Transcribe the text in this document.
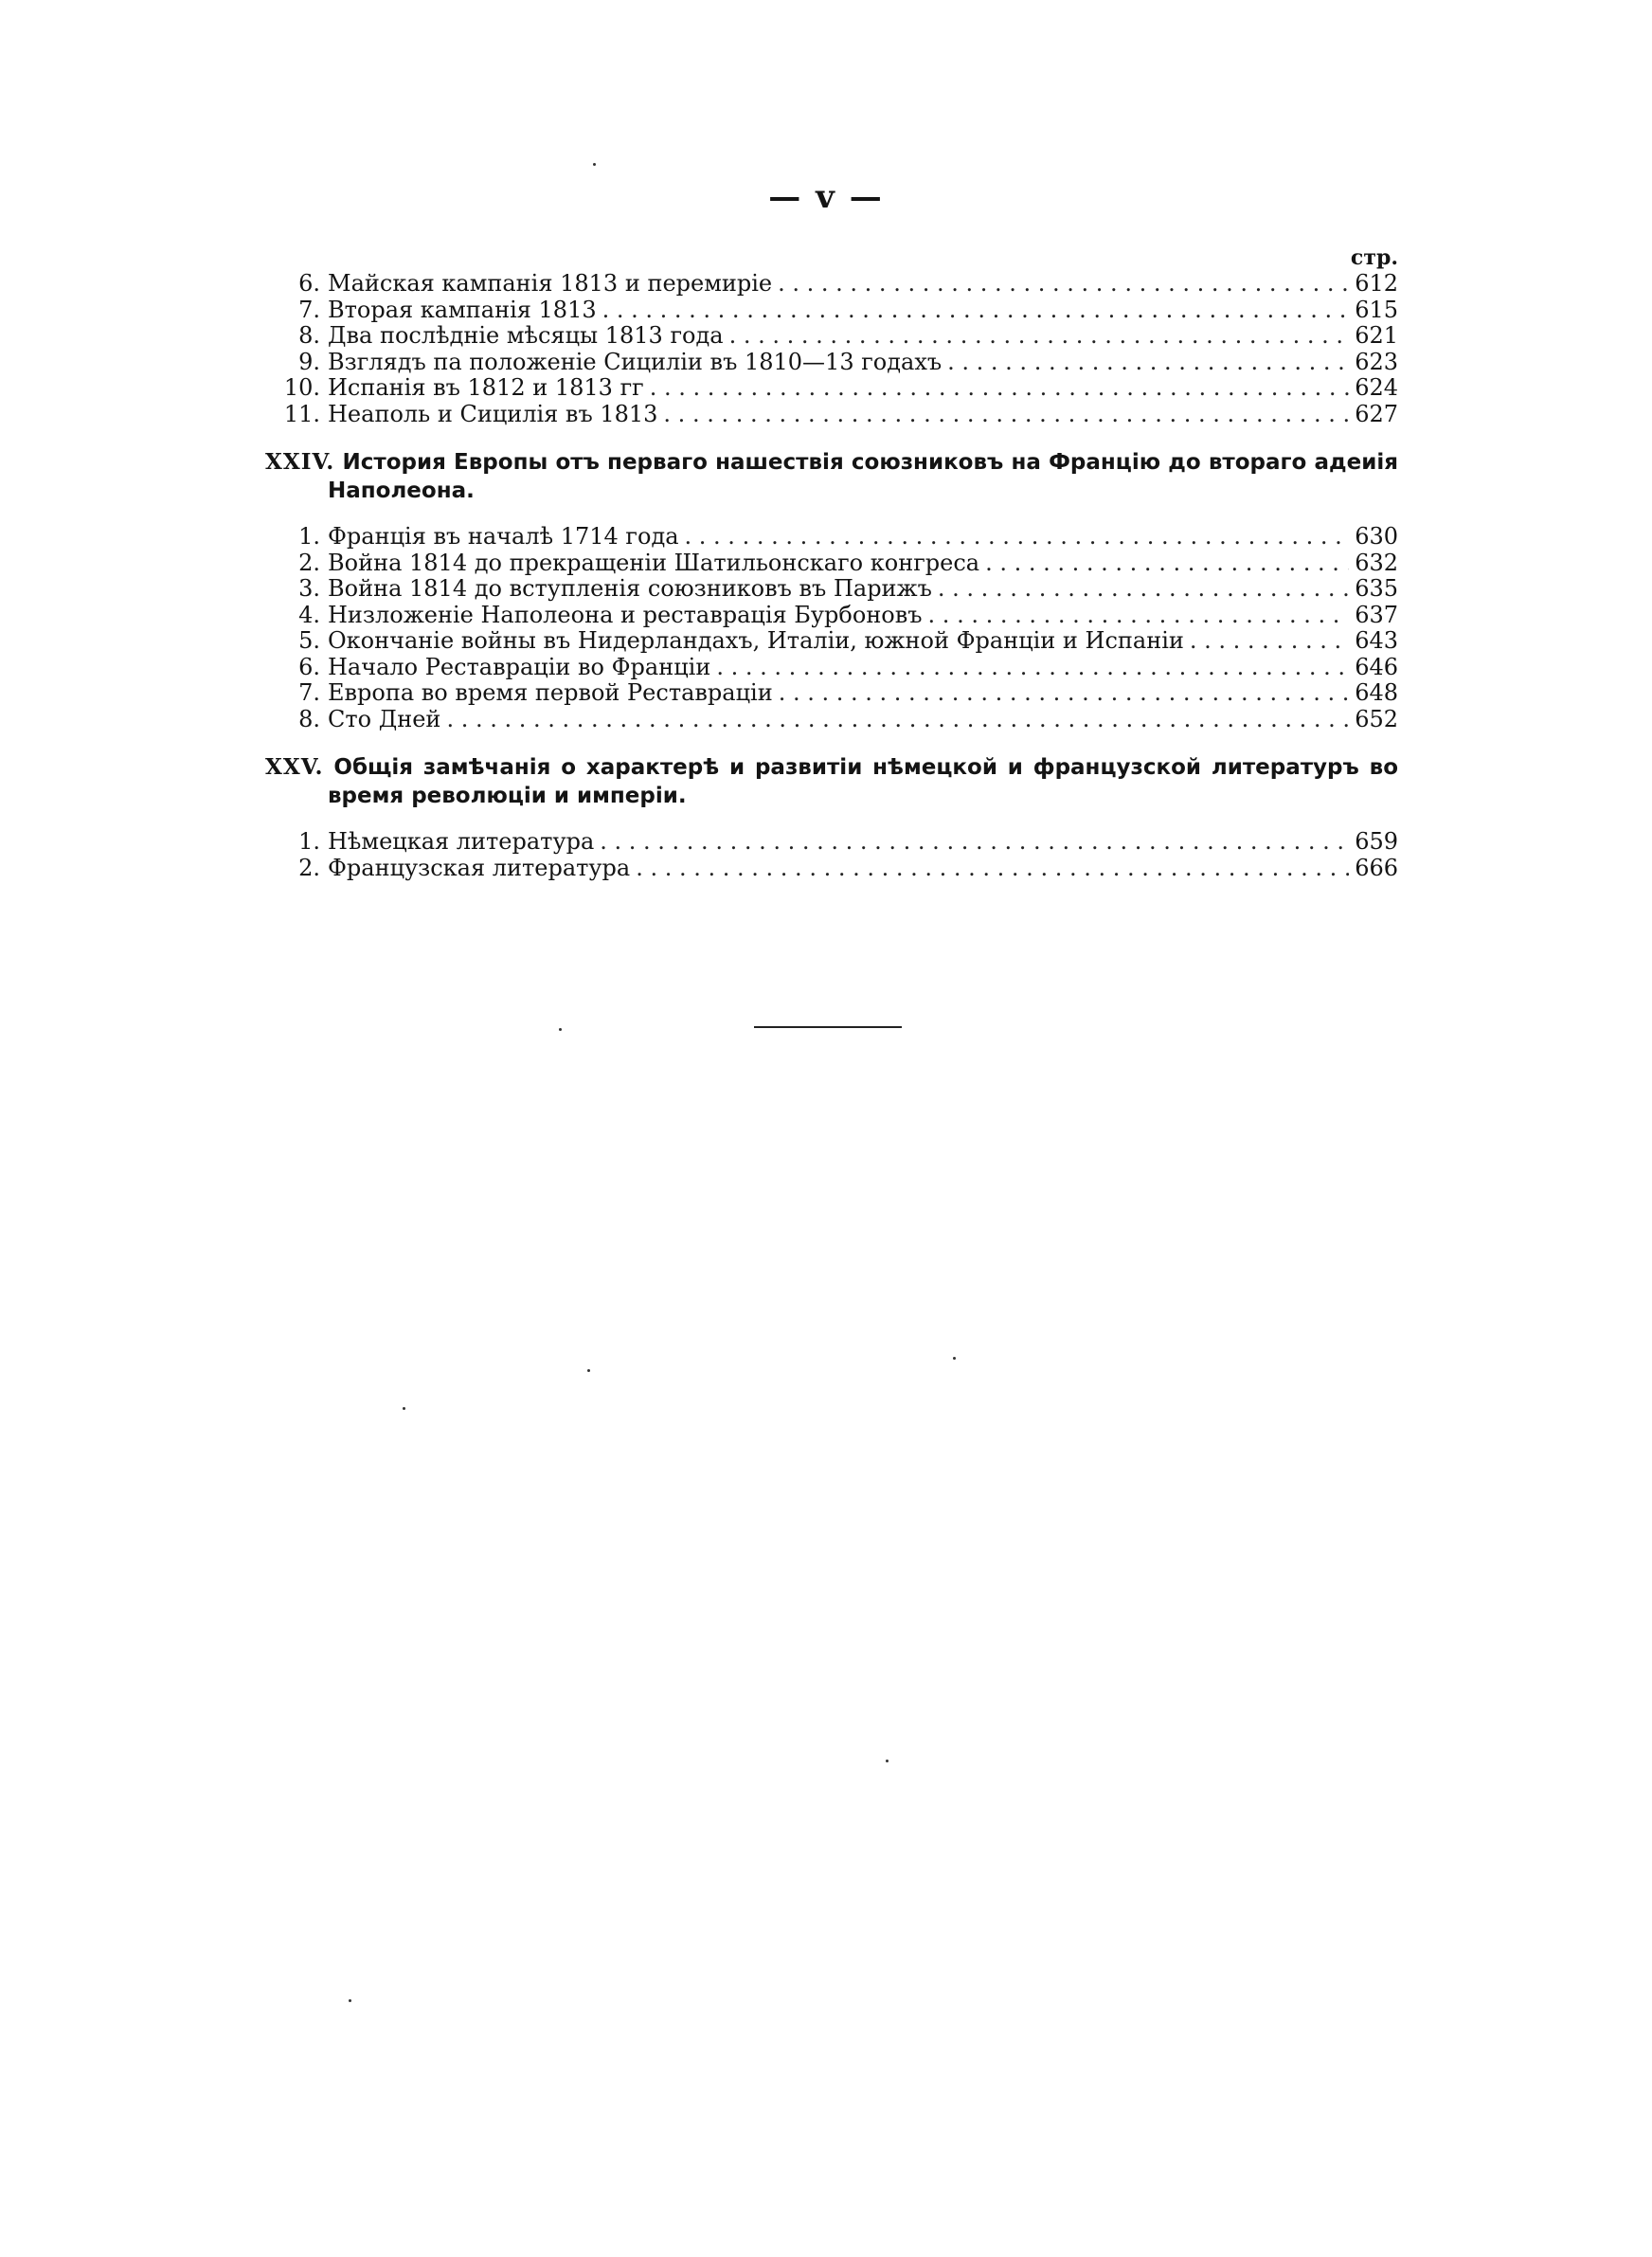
— v —
стр.
6. Майская кампанія 1813 и перемиріе . . .	612
7. Вторая кампанія 1813 . . .	615
8. Два послѣдніе мѣсяцы 1813 года . . .	621
9. Взглядъ па положеніе Сициліи въ 1810—13 годахъ . . .	623
10. Испанія въ 1812 и 1813 гг . . .	624
11. Неаполь и Сицилія въ 1813 . . .	627
XXIV. История Европы отъ перваго нашествія союзниковъ на Францію до втораго адеиія Наполеона.
1. Франція въ началѣ 1714 года . . .	630
2. Война 1814 до прекращеніи Шатильонскаго конгреса . . .	632
3. Война 1814 до вступленія союзниковъ въ Парижъ . . .	635
4. Низложеніе Наполеона и реставрація Бурбоновъ . . .	637
5. Окончаніе войны въ Нидерландахъ, Италіи, южной Франціи и Испаніи . . .	643
6. Начало Реставраціи во Франціи . . .	646
7. Европа во время первой Реставраціи . . .	648
8. Сто Дней . . .	652
XXV. Общія замѣчанія о характерѣ и развитіи нѣмецкой и французской литературъ во время революціи и имперіи.
1. Нѣмецкая литература . . .	659
2. Французская литература . . .	666
